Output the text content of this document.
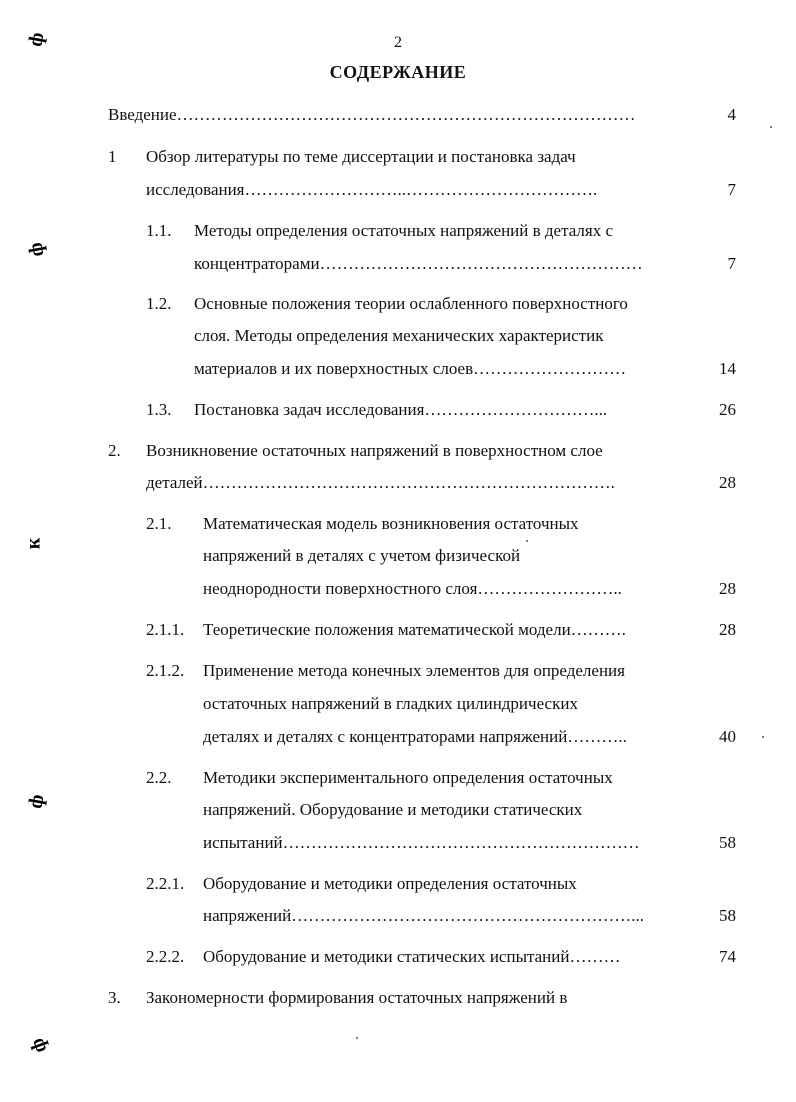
2
СОДЕРЖАНИЕ
Введение………………………………………………………………………	4
1 Обзор литературы по теме диссертации и постановка задач
исследования………………………..…………………………….	7
1.1. Методы определения остаточных напряжений в деталях с
концентраторами…………………………………………………	7
1.2. Основные положения теории ослабленного поверхностного
слоя. Методы определения механических характеристик
материалов и их поверхностных слоев………………………	14
1.3. Постановка задач исследования…………………………...	26
2. Возникновение остаточных напряжений в поверхностном слое
деталей……………………………………………………………….	28
2.1. Математическая модель возникновения остаточных
напряжений в деталях с учетом физической
неоднородности поверхностного слоя……………………..	28
2.1.1. Теоретические положения математической модели……….	28
2.1.2. Применение метода конечных элементов для определения
остаточных напряжений в гладких цилиндрических
деталях и деталях с концентраторами напряжений………..	40
2.2. Методики экспериментального определения остаточных
напряжений. Оборудование и методики статических
испытаний………………………………………………………	58
2.2.1. Оборудование и методики определения остаточных
напряжений……………………………………………………...	58
2.2.2. Оборудование и методики статических испытаний………	74
3. Закономерности формирования остаточных напряжений в
ф
ф
к
ф
ф
